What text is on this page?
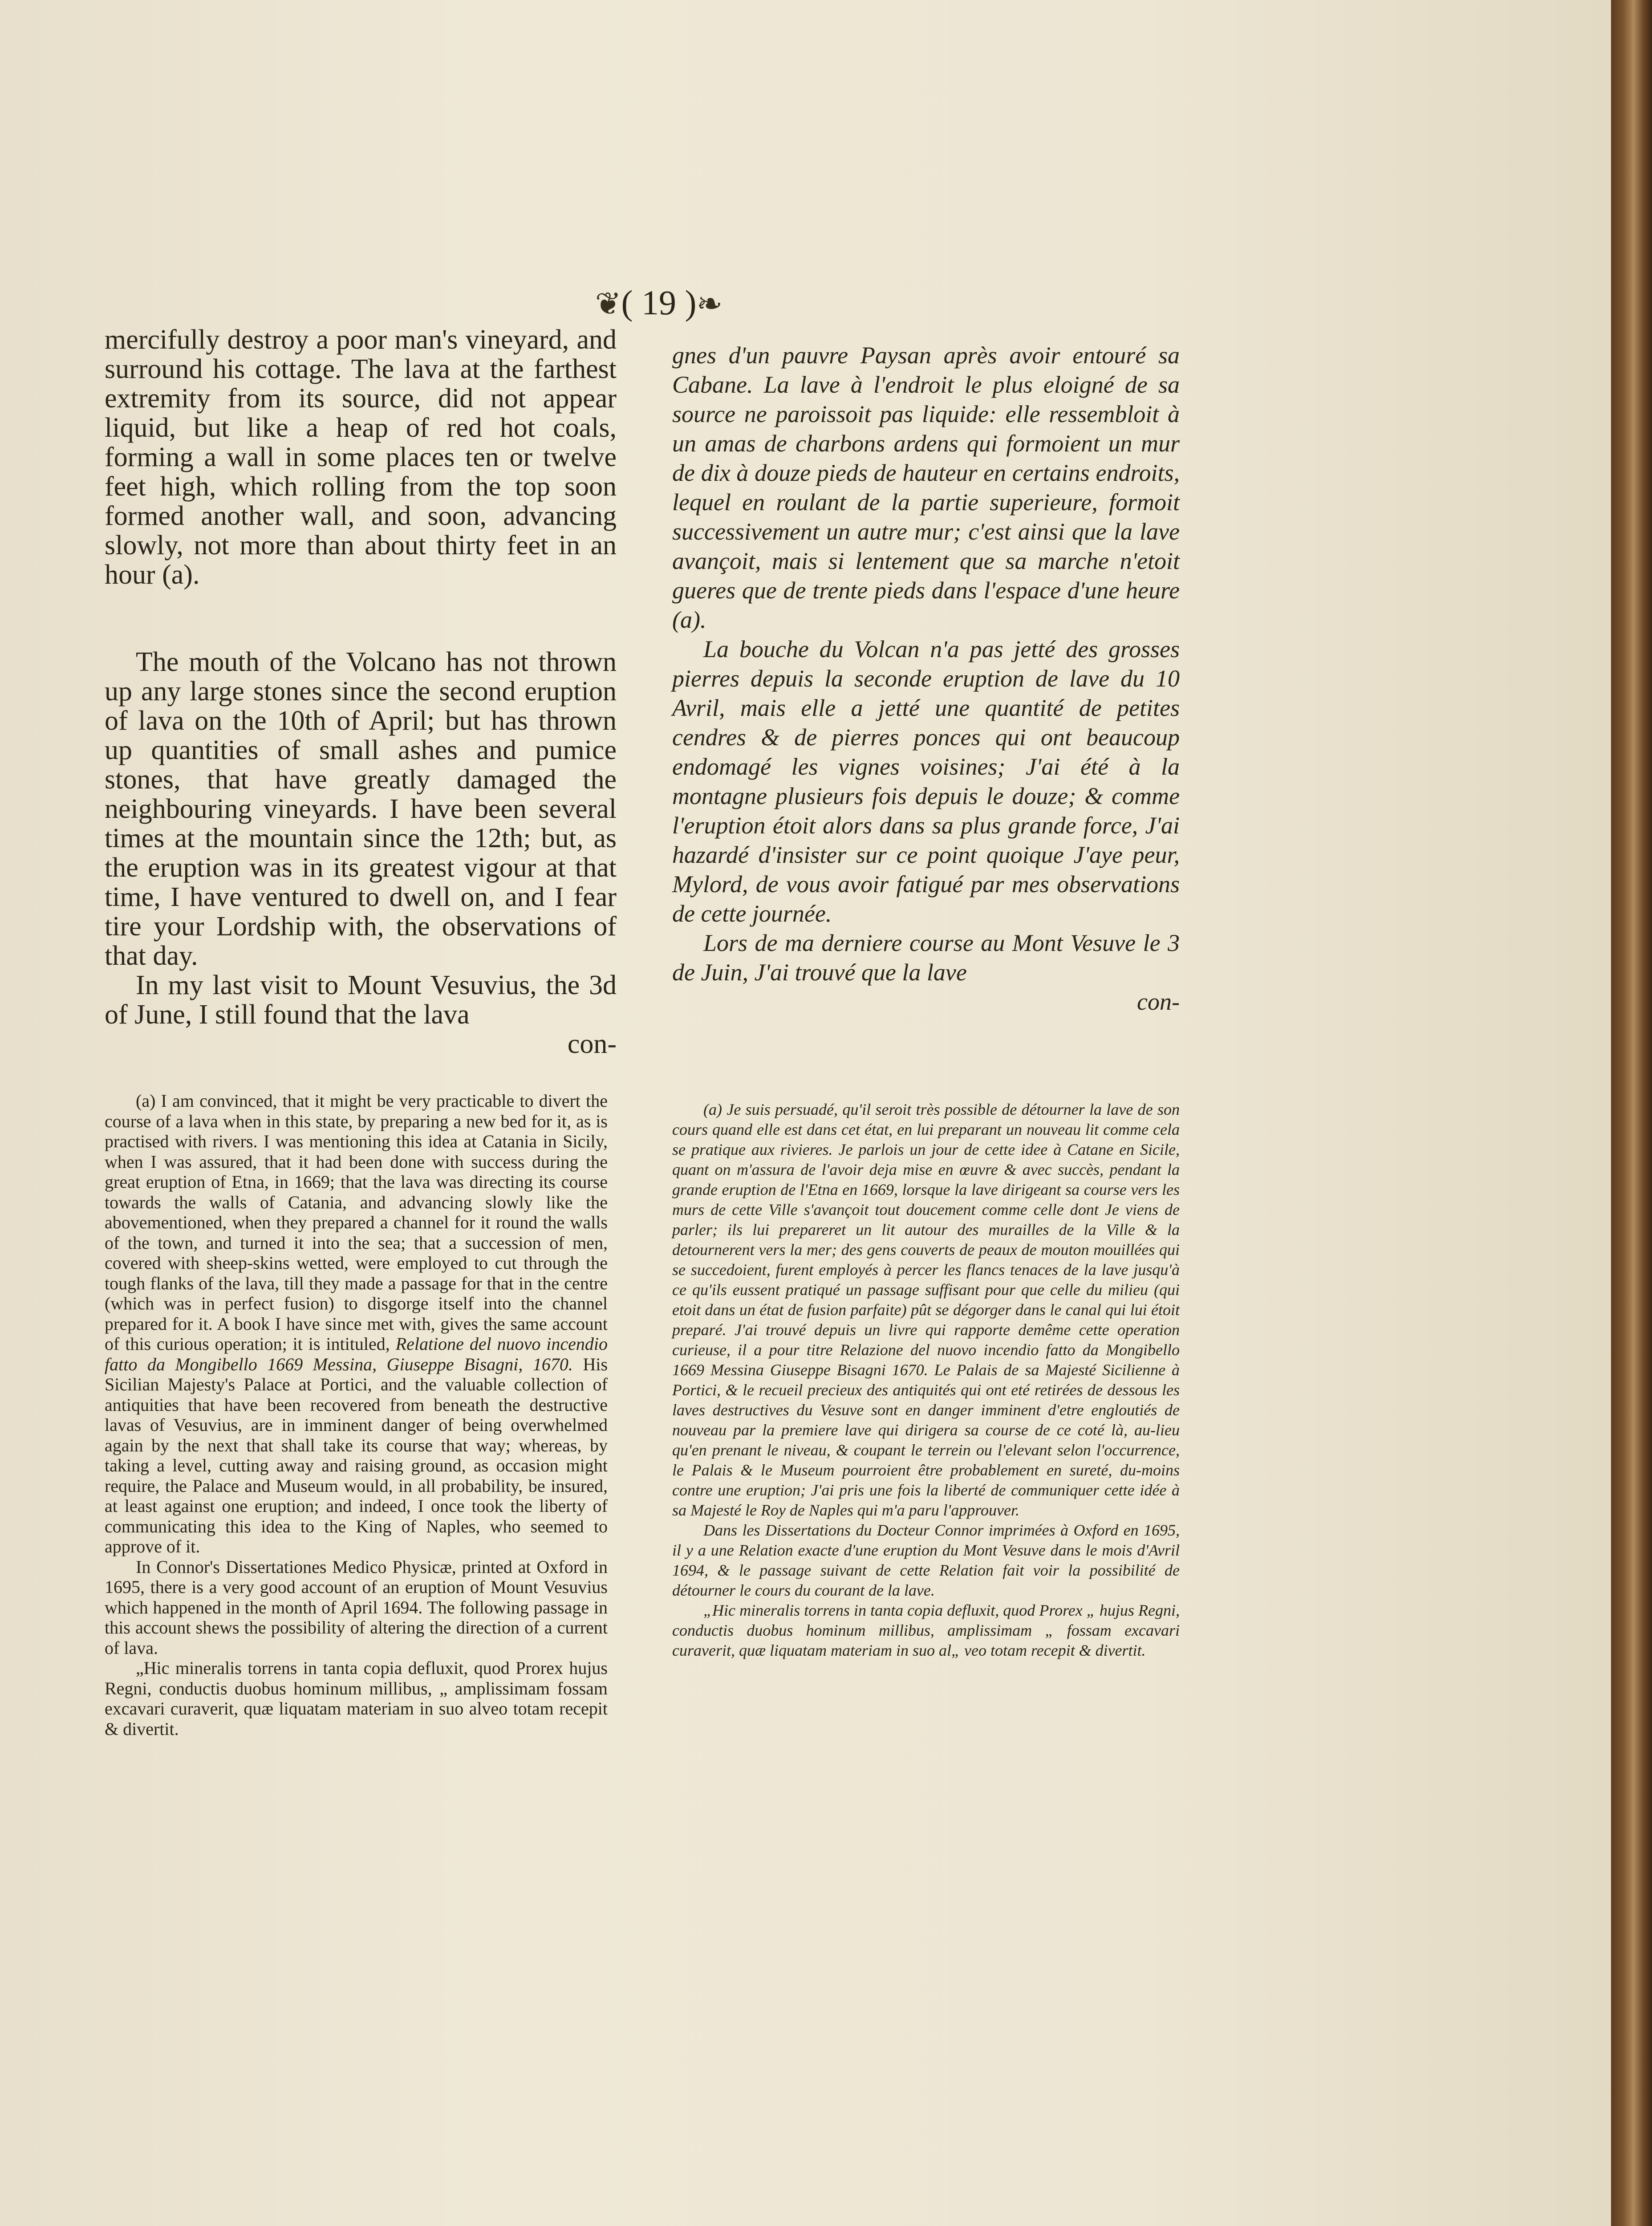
❦( 19 )❧

mercifully destroy a poor man's vineyard, and surround his cottage. The lava at the farthest extremity from its source, did not appear liquid, but like a heap of red hot coals, forming a wall in some places ten or twelve feet high, which rolling from the top soon formed another wall, and soon, advancing slowly, not more than about thirty feet in an hour (a).

The mouth of the Volcano has not thrown up any large stones since the second eruption of lava on the 10th of April; but has thrown up quantities of small ashes and pumice stones, that have greatly damaged the neighbouring vineyards. I have been several times at the mountain since the 12th; but, as the eruption was in its greatest vigour at that time, I have ventured to dwell on, and I fear tire your Lordship with, the observations of that day.

In my last visit to Mount Vesuvius, the 3d of June, I still found that the lava

con-

gnes d'un pauvre Paysan après avoir entouré sa Cabane. La lave à l'endroit le plus eloigné de sa source ne paroissoit pas liquide: elle ressembloit à un amas de charbons ardens qui formoient un mur de dix à douze pieds de hauteur en certains endroits, lequel en roulant de la partie superieure, formoit successivement un autre mur; c'est ainsi que la lave avançoit, mais si lentement que sa marche n'etoit gueres que de trente pieds dans l'espace d'une heure (a).

La bouche du Volcan n'a pas jetté des grosses pierres depuis la seconde eruption de lave du 10 Avril, mais elle a jetté une quantité de petites cendres & de pierres ponces qui ont beaucoup endomagé les vignes voisines; J'ai été à la montagne plusieurs fois depuis le douze; & comme l'eruption étoit alors dans sa plus grande force, J'ai hazardé d'insister sur ce point quoique J'aye peur, Mylord, de vous avoir fatigué par mes observations de cette journée.

Lors de ma derniere course au Mont Vesuve le 3 de Juin, J'ai trouvé que la lave

con-

(a) I am convinced, that it might be very practicable to divert the course of a lava when in this state, by preparing a new bed for it, as is practised with rivers. I was mentioning this idea at Catania in Sicily, when I was assured, that it had been done with success during the great eruption of Etna, in 1669; that the lava was directing its course towards the walls of Catania, and advancing slowly like the abovementioned, when they prepared a channel for it round the walls of the town, and turned it into the sea; that a succession of men, covered with sheep-skins wetted, were employed to cut through the tough flanks of the lava, till they made a passage for that in the centre (which was in perfect fusion) to disgorge itself into the channel prepared for it. A book I have since met with, gives the same account of this curious operation; it is intituled, Relatione del nuovo incendio fatto da Mongibello 1669 Messina, Giuseppe Bisagni, 1670. His Sicilian Majesty's Palace at Portici, and the valuable collection of antiquities that have been recovered from beneath the destructive lavas of Vesuvius, are in imminent danger of being overwhelmed again by the next that shall take its course that way; whereas, by taking a level, cutting away and raising ground, as occasion might require, the Palace and Museum would, in all probability, be insured, at least against one eruption; and indeed, I once took the liberty of communicating this idea to the King of Naples, who seemed to approve of it.

In Connor's Dissertationes Medico Physicæ, printed at Oxford in 1695, there is a very good account of an eruption of Mount Vesuvius which happened in the month of April 1694. The following passage in this account shews the possibility of altering the direction of a current of lava.

„Hic mineralis torrens in tanta copia defluxit, quod Prorex hujus Regni, conductis duobus hominum millibus, „ amplissimam fossam excavari curaverit, quæ liquatam materiam in suo alveo totam recepit & divertit.

(a) Je suis persuadé, qu'il seroit très possible de détourner la lave de son cours quand elle est dans cet état, en lui preparant un nouveau lit comme cela se pratique aux rivieres. Je parlois un jour de cette idee à Catane en Sicile, quant on m'assura de l'avoir deja mise en œuvre & avec succès, pendant la grande eruption de l'Etna en 1669, lorsque la lave dirigeant sa course vers les murs de cette Ville s'avançoit tout doucement comme celle dont Je viens de parler; ils lui prepareret un lit autour des murailles de la Ville & la detournerent vers la mer; des gens couverts de peaux de mouton mouillées qui se succedoient, furent employés à percer les flancs tenaces de la lave jusqu'à ce qu'ils eussent pratiqué un passage suffisant pour que celle du milieu (qui etoit dans un état de fusion parfaite) pût se dégorger dans le canal qui lui étoit preparé. J'ai trouvé depuis un livre qui rapporte demême cette operation curieuse, il a pour titre Relazione del nuovo incendio fatto da Mongibello 1669 Messina Giuseppe Bisagni 1670. Le Palais de sa Majesté Sicilienne à Portici, & le recueil precieux des antiquités qui ont eté retirées de dessous les laves destructives du Vesuve sont en danger imminent d'etre engloutiés de nouveau par la premiere lave qui dirigera sa course de ce coté là, au-lieu qu'en prenant le niveau, & coupant le terrein ou l'elevant selon l'occurrence, le Palais & le Museum pourroient être probablement en sureté, du-moins contre une eruption; J'ai pris une fois la liberté de communiquer cette idée à sa Majesté le Roy de Naples qui m'a paru l'approuver.

Dans les Dissertations du Docteur Connor imprimées à Oxford en 1695, il y a une Relation exacte d'une eruption du Mont Vesuve dans le mois d'Avril 1694, & le passage suivant de cette Relation fait voir la possibilité de détourner le cours du courant de la lave.

„Hic mineralis torrens in tanta copia defluxit, quod Prorex „ hujus Regni, conductis duobus hominum millibus, amplissimam „ fossam excavari curaverit, quæ liquatam materiam in suo al„ veo totam recepit & divertit.
